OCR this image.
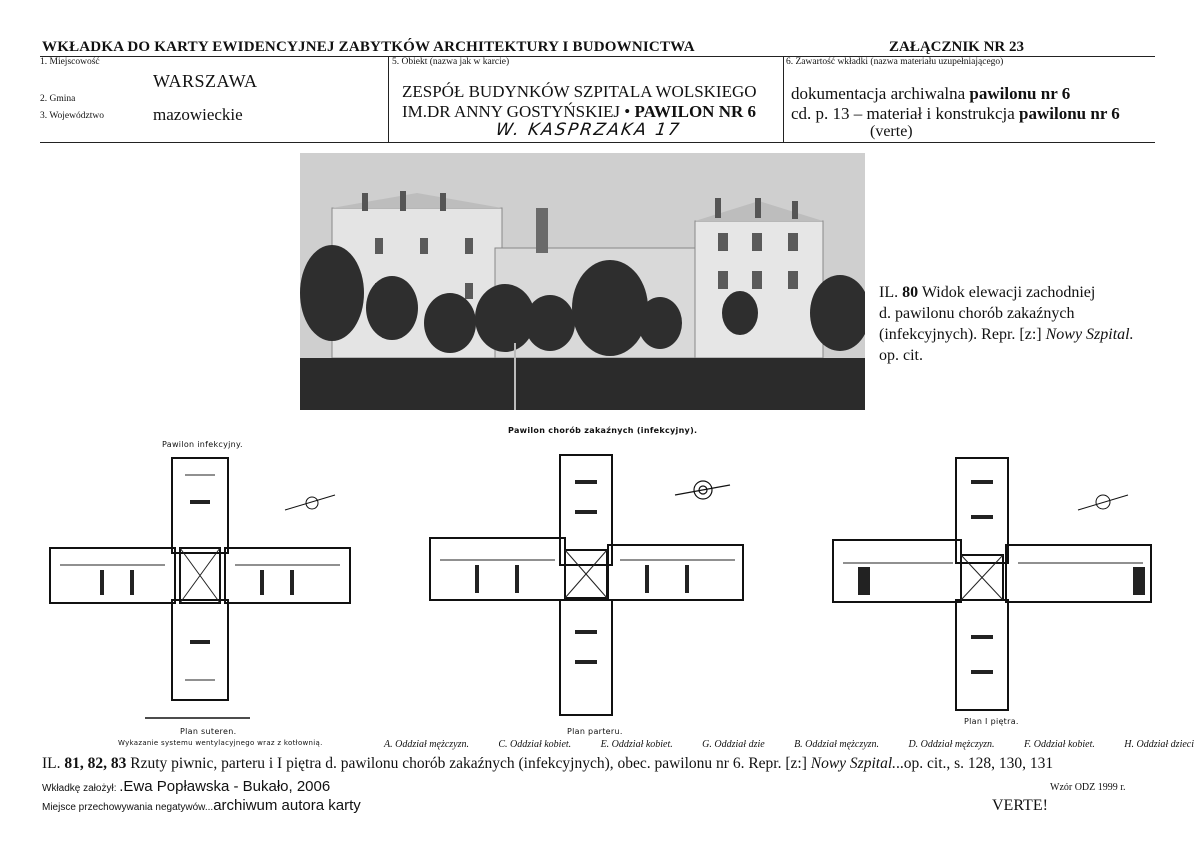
WKŁADKA DO KARTY EWIDENCYJNEJ ZABYTKÓW ARCHITEKTURY I BUDOWNICTWA	ZAŁĄCZNIK NR 23
1. Miejscowość
WARSZAWA
2. Gmina
3. Województwo	mazowieckie
5. Obiekt (nazwa jak w karcie)
ZESPÓŁ BUDYNKÓW SZPITALA WOLSKIEGO
IM.DR ANNY GOSTYŃSKIEJ • PAWILON NR 6
W. KASPRZAKA 17
6. Zawartość wkładki (nazwa materiału uzupełniającego)
dokumentacja archiwalna pawilonu nr 6
cd. p. 13 – materiał i konstrukcja pawilonu nr 6
(verte)
IL. 80 Widok elewacji zachodniej
d. pawilonu chorób zakaźnych
(infekcyjnych). Repr. [z:] Nowy Szpital.
op. cit.
Pawilon infekcyjny.
Pawilon chorób zakaźnych (infekcyjny).
Plan suteren.
Wykazanie systemu wentylacyjnego wraz z kotłownią.
Plan parteru.
Plan I piętra.
A. Oddział mężczyzn.	C. Oddział kobiet.	E. Oddział kobiet.	G. Oddział dzie	B. Oddział mężczyzn.	D. Oddział mężczyzn.	F. Oddział kobiet.	H. Oddział dzieci
IL. 81, 82, 83 Rzuty piwnic, parteru i I piętra d. pawilonu chorób zakaźnych (infekcyjnych), obec. pawilonu nr 6. Repr. [z:] Nowy Szpital...op. cit., s. 128, 130, 131
Wkładkę założył: .Ewa Popławska - Bukało, 2006	Wzór ODZ 1999 r.
Miejsce przechowywania negatywów...archiwum autora karty	VERTE!
